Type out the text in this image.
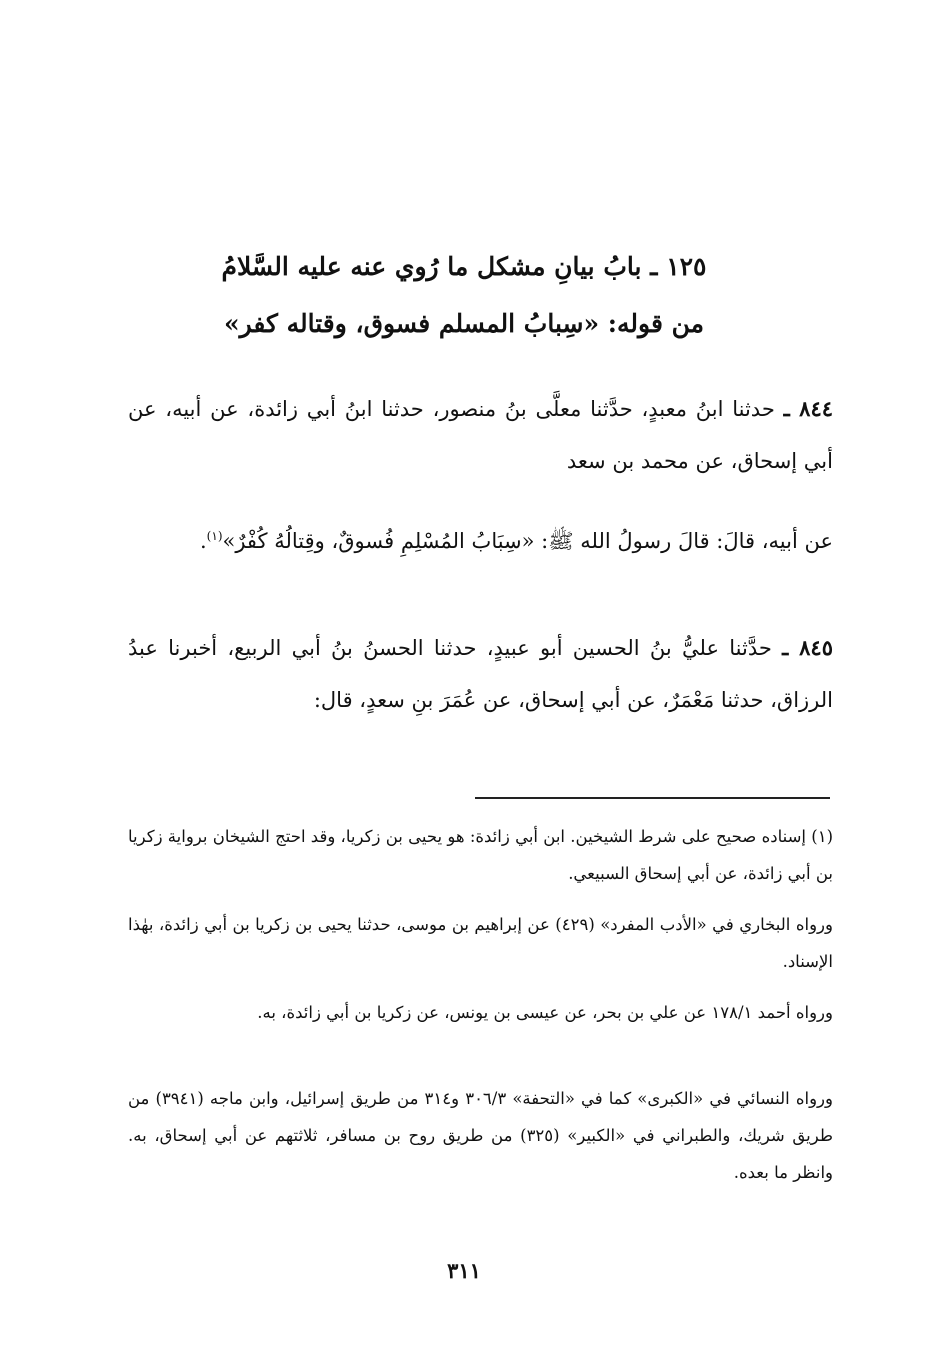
١٢٥ ـ بابُ بيانِ مشكل ما رُوي عنه عليه السَّلامُ
من قوله: «سِبابُ المسلم فسوق، وقتاله كفر»
٨٤٤ ـ حدثنا ابنُ معبدٍ، حدَّثنا معلَّى بنُ منصور، حدثنا ابنُ أبي زائدة، عن أبيه، عن أبي إسحاق، عن محمد بن سعد
عن أبيه، قالَ: قالَ رسولُ الله ﷺ: «سِبَابُ المُسْلِمِ فُسوقٌ، وقِتالُهُ كُفْرٌ»$^{(١)}$.
٨٤٥ ـ حدَّثنا عليُّ بنُ الحسين أبو عبيدٍ، حدثنا الحسنُ بنُ أبي الربيع، أخبرنا عبدُ الرزاق، حدثنا مَعْمَرٌ، عن أبي إسحاق، عن عُمَرَ بنِ سعدٍ، قال:
(١) إسناده صحيح على شرط الشيخين. ابن أبي زائدة: هو يحيى بن زكريا، وقد احتج الشيخان برواية زكريا بن أبي زائدة، عن أبي إسحاق السبيعي.
ورواه البخاري في «الأدب المفرد» (٤٢٩) عن إبراهيم بن موسى، حدثنا يحيى بن زكريا بن أبي زائدة، بهٰذا الإسناد.
ورواه أحمد ١٧٨/١ عن علي بن بحر، عن عيسى بن يونس، عن زكريا بن أبي زائدة، به.
ورواه النسائي في «الكبرى» كما في «التحفة» ٣٠٦/٣ و٣١٤ من طريق إسرائيل، وابن ماجه (٣٩٤١) من طريق شريك، والطبراني في «الكبير» (٣٢٥) من طريق روح بن مسافر، ثلاثتهم عن أبي إسحاق، به. وانظر ما بعده.
٣١١
